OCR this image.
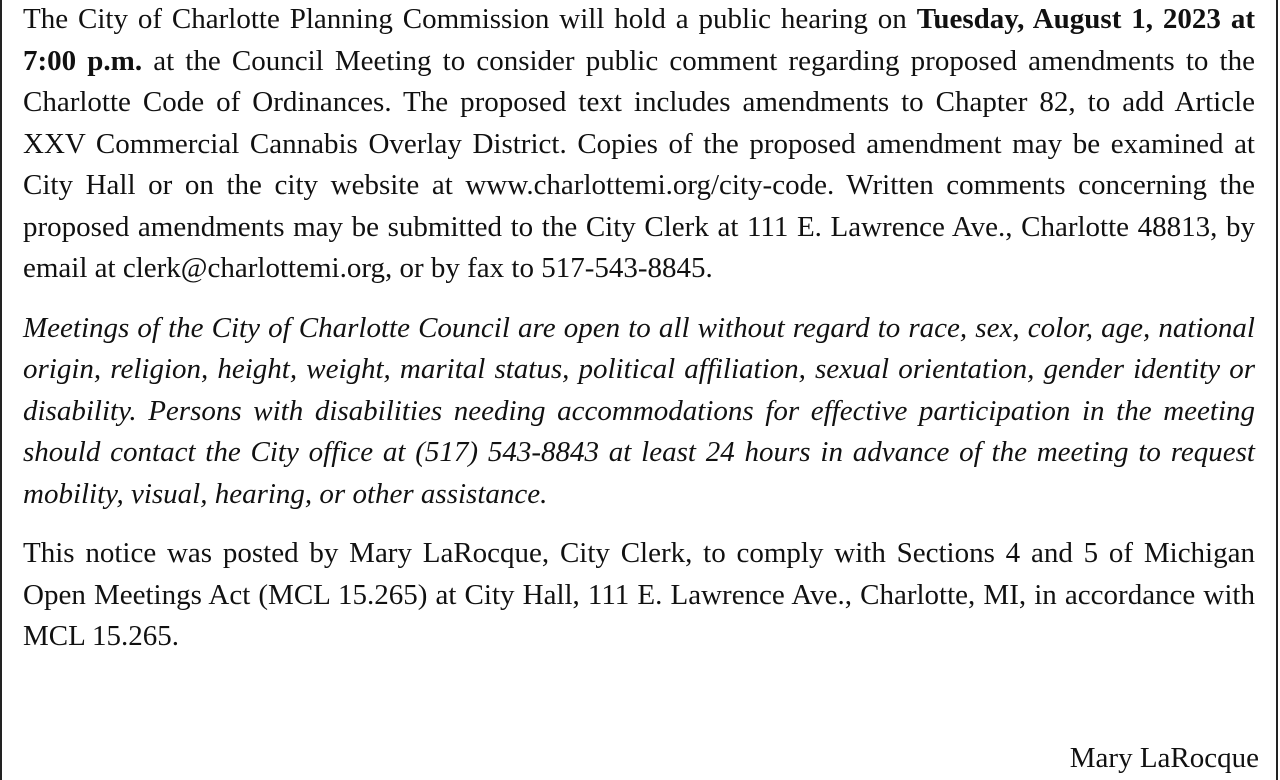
The City of Charlotte Planning Commission will hold a public hearing on Tuesday, August 1, 2023 at 7:00 p.m. at the Council Meeting to consider public comment regarding proposed amendments to the Charlotte Code of Ordinances. The proposed text includes amendments to Chapter 82, to add Article XXV Commercial Cannabis Overlay District. Copies of the proposed amendment may be examined at City Hall or on the city website at www.charlottemi.org/city-code. Written comments concerning the proposed amendments may be submitted to the City Clerk at 111 E. Lawrence Ave., Charlotte 48813, by email at clerk@charlottemi.org, or by fax to 517-543-8845.

Meetings of the City of Charlotte Council are open to all without regard to race, sex, color, age, national origin, religion, height, weight, marital status, political affiliation, sexual orientation, gender identity or disability. Persons with disabilities needing accommodations for effective participation in the meeting should contact the City office at (517) 543-8843 at least 24 hours in advance of the meeting to request mobility, visual, hearing, or other assistance.

This notice was posted by Mary LaRocque, City Clerk, to comply with Sections 4 and 5 of Michigan Open Meetings Act (MCL 15.265) at City Hall, 111 E. Lawrence Ave., Charlotte, MI, in accordance with MCL 15.265.

Mary LaRocque
